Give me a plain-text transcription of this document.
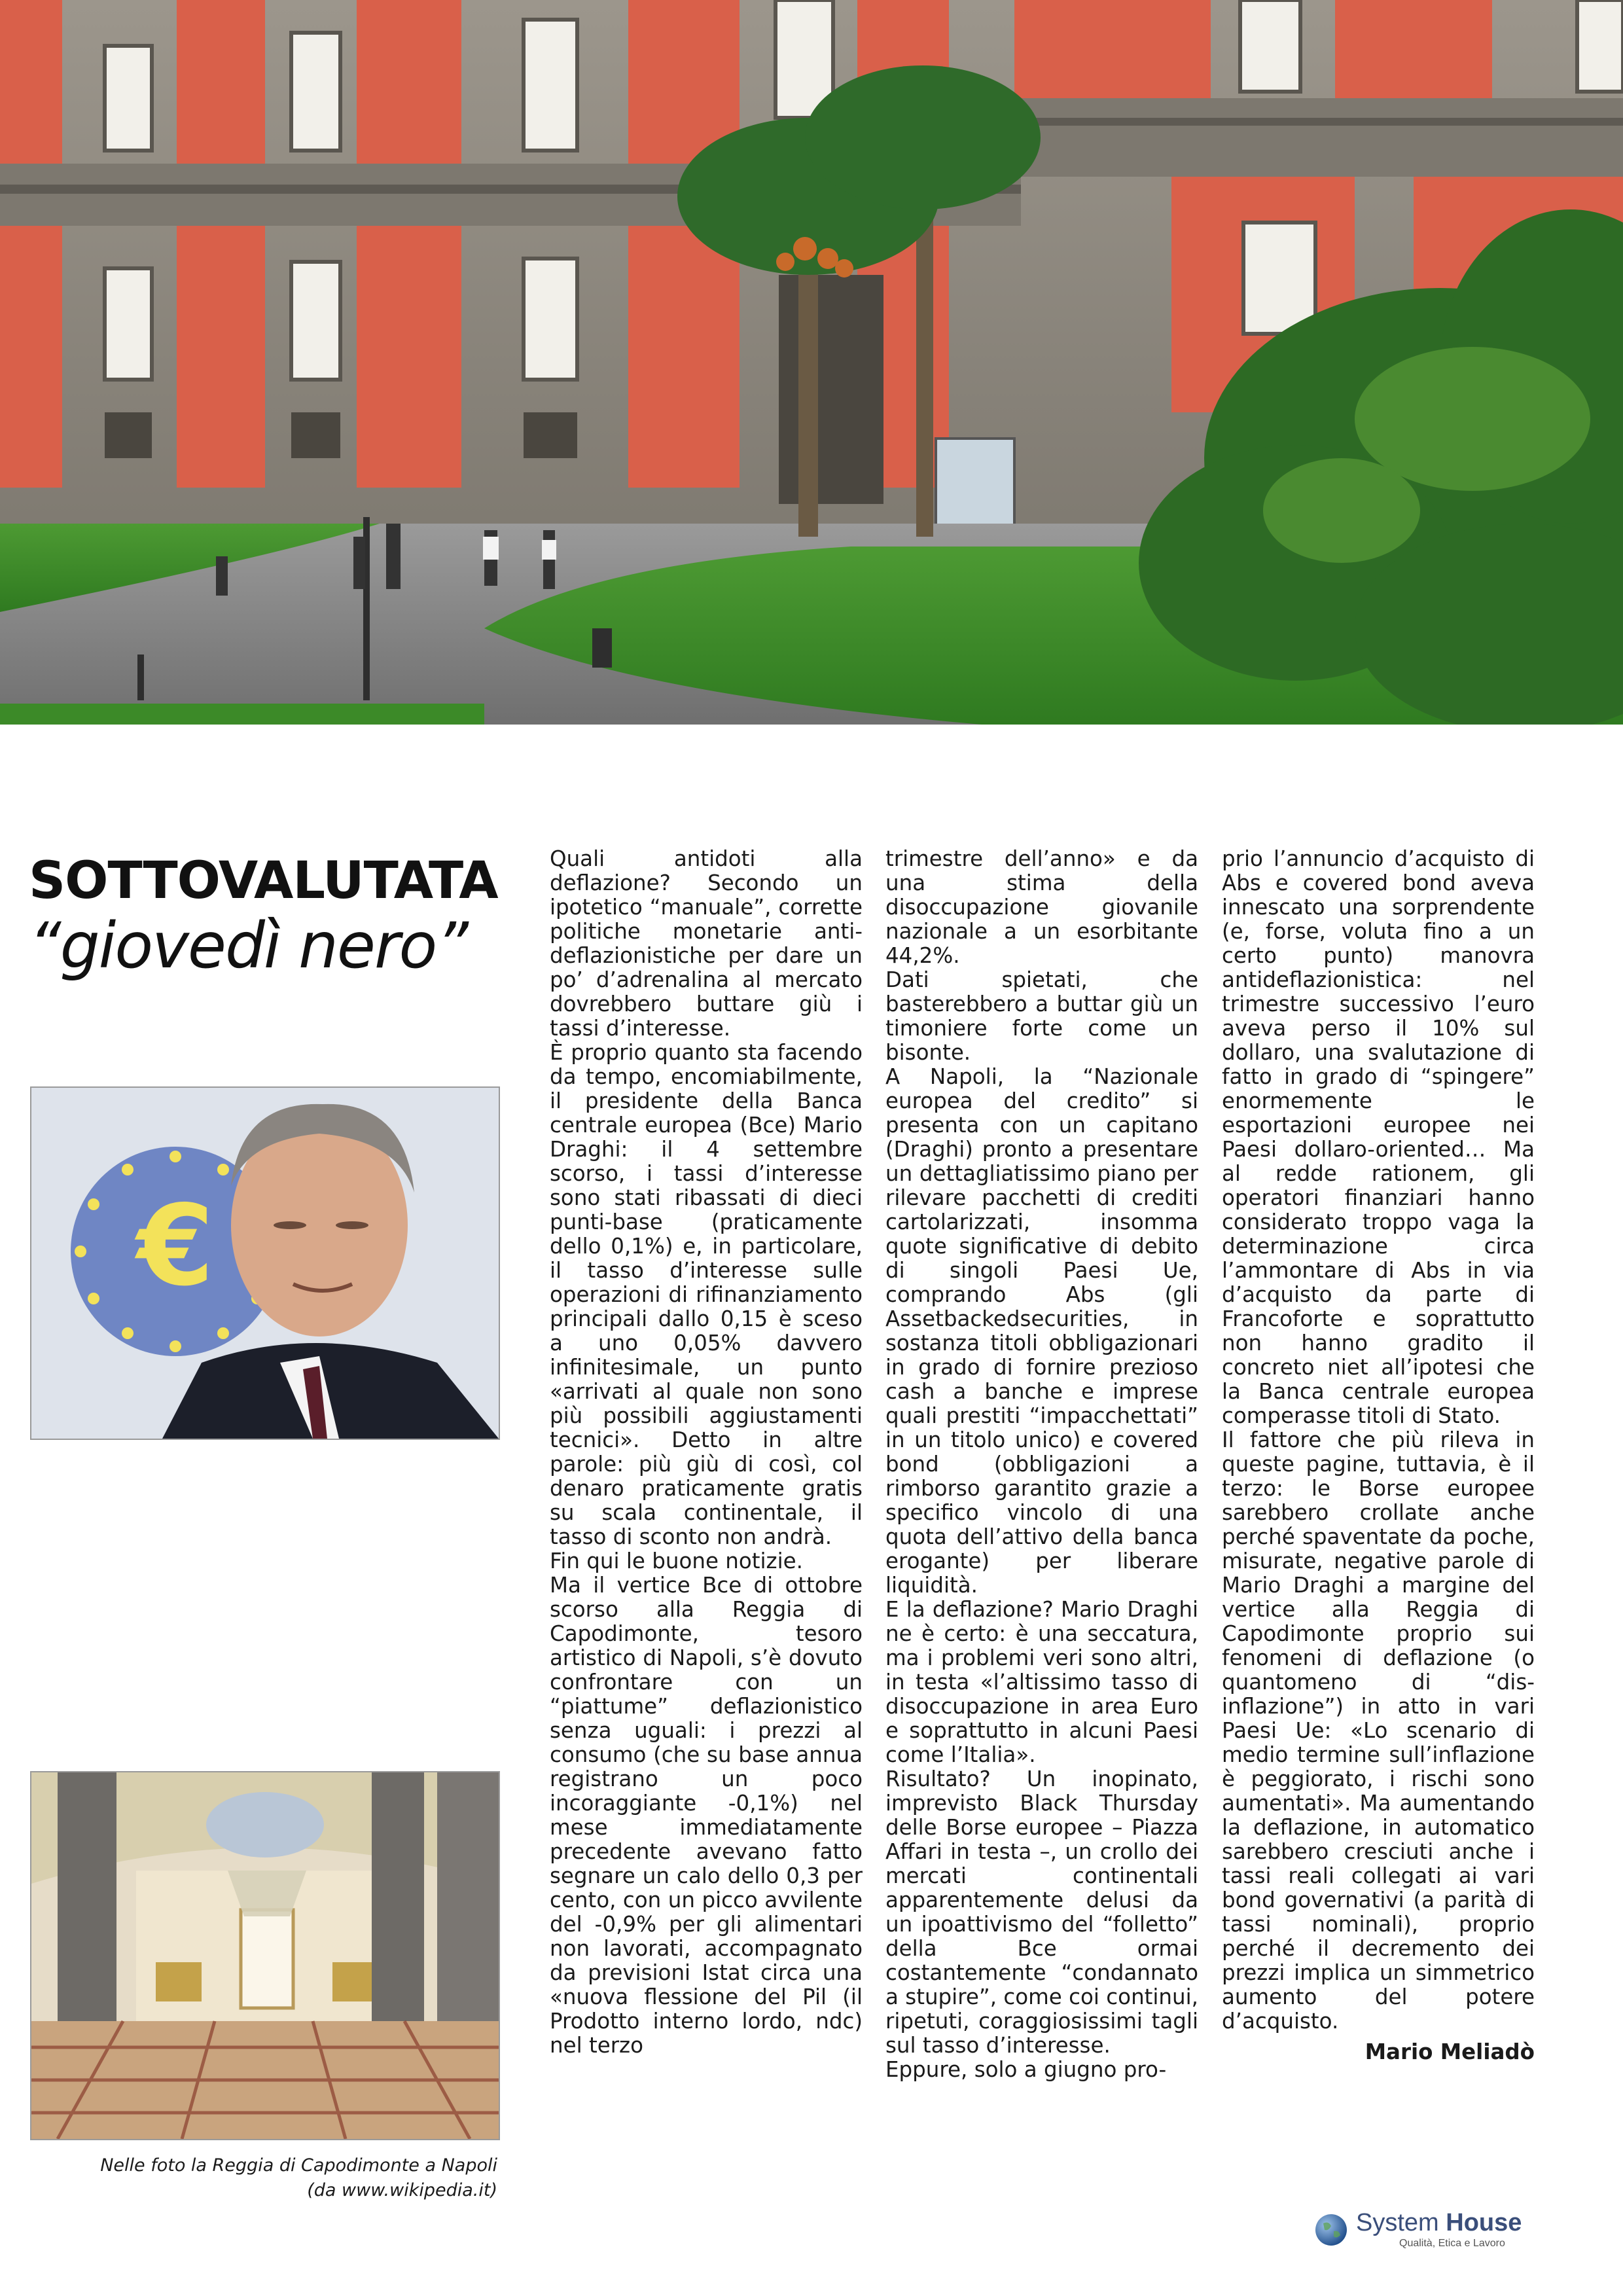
SOTTOVALUTATA
“giovedì nero”
€
Nelle foto la Reggia di Capodimonte a Napoli
(da www.wikipedia.it)

Quali antidoti alla deflazione? Secondo un ipotetico “manuale”, corrette politiche monetarie anti-deflazionistiche per dare un po’ d’adrenalina al mercato dovrebbero buttare giù i tassi d’interesse.

È proprio quanto sta facendo da tempo, encomiabilmente, il presidente della Banca centrale europea (Bce) Mario Draghi: il 4 settembre scorso, i tassi d’interesse sono stati ribassati di dieci punti-base (praticamente dello 0,1%) e, in particolare, il tasso d’interesse sulle operazioni di rifinanziamento principali dallo 0,15 è sceso a uno 0,05% davvero infinitesimale, un punto «arrivati al quale non sono più possibili aggiustamenti tecnici». Detto in altre parole: più giù di così, col denaro praticamente gratis su scala continentale, il tasso di sconto non andrà.

Fin qui le buone notizie.

Ma il vertice Bce di ottobre scorso alla Reggia di Capodimonte, tesoro artistico di Napoli, s’è dovuto confrontare con un “piattume” deflazionistico senza uguali: i prezzi al consumo (che su base annua registrano un poco incoraggiante -0,1%) nel mese immediatamente precedente avevano fatto segnare un calo dello 0,3 per cento, con un picco avvilente del -0,9% per gli alimentari non lavorati, accompagnato da previsioni Istat circa una «nuova flessione del Pil (il Prodotto interno lordo, ndc) nel terzo

trimestre dell’anno» e da una stima della disoccupazione giovanile nazionale a un esorbitante 44,2%.

Dati spietati, che basterebbero a buttar giù un timoniere forte come un bisonte.

A Napoli, la “Nazionale europea del credito” si presenta con un capitano (Draghi) pronto a presentare un dettagliatissimo piano per rilevare pacchetti di crediti cartolarizzati, insomma quote significative di debito di singoli Paesi Ue, comprando Abs (gli Assetbackedsecurities, in sostanza titoli obbligazionari in grado di fornire prezioso cash a banche e imprese quali prestiti “impacchettati” in un titolo unico) e covered bond (obbligazioni a rimborso garantito grazie a specifico vincolo di una quota dell’attivo della banca erogante) per liberare liquidità.

E la deflazione? Mario Draghi ne è certo: è una seccatura, ma i problemi veri sono altri, in testa «l’altissimo tasso di disoccupazione in area Euro e soprattutto in alcuni Paesi come l’Italia».

Risultato? Un inopinato, imprevisto Black Thursday delle Borse europee – Piazza Affari in testa –, un crollo dei mercati continentali apparentemente delusi da un ipoattivismo del “folletto” della Bce ormai costantemente “condannato a stupire”, come coi continui, ripetuti, coraggiosissimi tagli sul tasso d’interesse.

Eppure, solo a giugno pro-

prio l’annuncio d’acquisto di Abs e covered bond aveva innescato una sorprendente (e, forse, voluta fino a un certo punto) manovra antideflazionistica: nel trimestre successivo l’euro aveva perso il 10% sul dollaro, una svalutazione di fatto in grado di “spingere” enormemente le esportazioni europee nei Paesi dollaro-oriented… Ma al redde rationem, gli operatori finanziari hanno considerato troppo vaga la determinazione circa l’ammontare di Abs in via d’acquisto da parte di Francoforte e soprattutto non hanno gradito il concreto niet all’ipotesi che la Banca centrale europea comperasse titoli di Stato.

Il fattore che più rileva in queste pagine, tuttavia, è il terzo: le Borse europee sarebbero crollate anche perché spaventate da poche, misurate, negative parole di Mario Draghi a margine del vertice alla Reggia di Capodimonte proprio sui fenomeni di deflazione (o quantomeno di “dis-inflazione”) in atto in vari Paesi Ue: «Lo scenario di medio termine sull’inflazione è peggiorato, i rischi sono aumentati». Ma aumentando la deflazione, in automatico sarebbero cresciuti anche i tassi reali collegati ai vari bond governativi (a parità di tassi nominali), proprio perché il decremento dei prezzi implica un simmetrico aumento del potere d’acquisto.

Mario Meliadò

System House
Qualità, Etica e Lavoro
